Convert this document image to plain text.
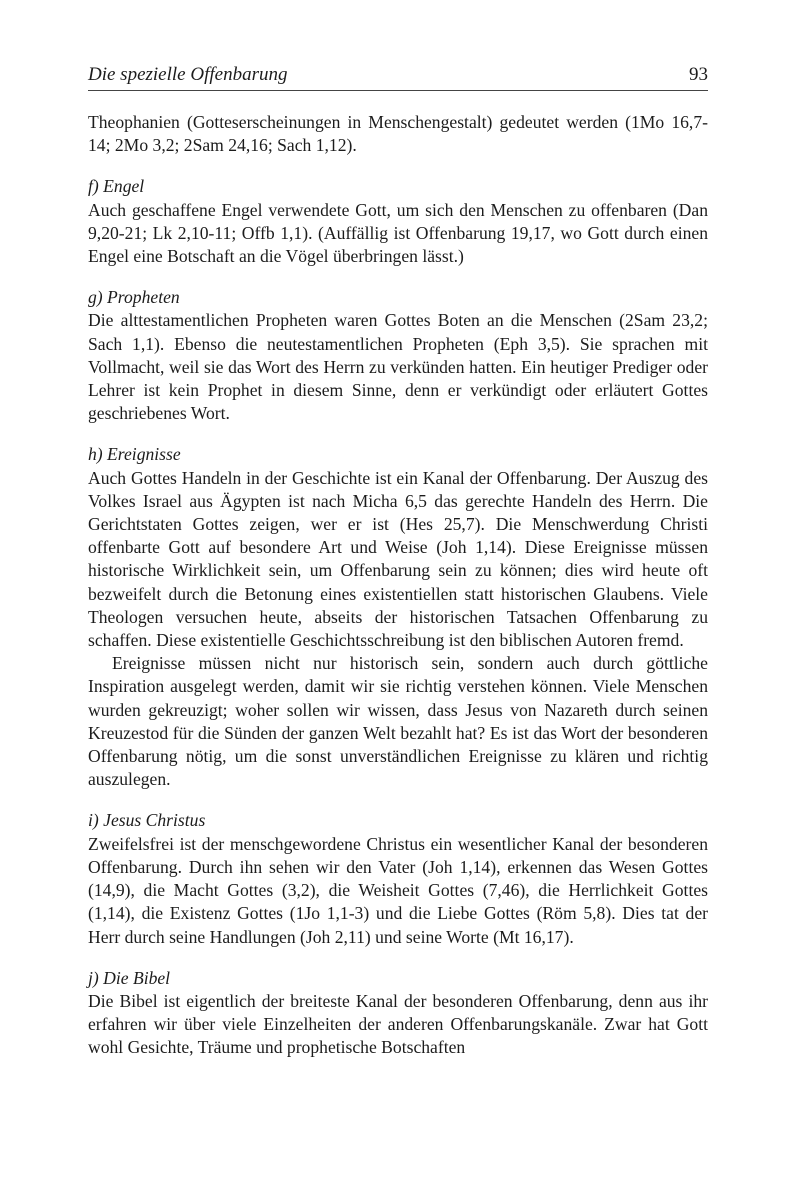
Die spezielle Offenbarung	93

Theophanien (Gotteserscheinungen in Menschengestalt) gedeutet werden (1Mo 16,7-14; 2Mo 3,2; 2Sam 24,16; Sach 1,12).

f) Engel

Auch geschaffene Engel verwendete Gott, um sich den Menschen zu offenbaren (Dan 9,20-21; Lk 2,10-11; Offb 1,1). (Auffällig ist Offenbarung 19,17, wo Gott durch einen Engel eine Botschaft an die Vögel überbringen lässt.)

g) Propheten

Die alttestamentlichen Propheten waren Gottes Boten an die Menschen (2Sam 23,2; Sach 1,1). Ebenso die neutestamentlichen Propheten (Eph 3,5). Sie sprachen mit Vollmacht, weil sie das Wort des Herrn zu verkünden hatten. Ein heutiger Prediger oder Lehrer ist kein Prophet in diesem Sinne, denn er verkündigt oder erläutert Gottes geschriebenes Wort.

h) Ereignisse

Auch Gottes Handeln in der Geschichte ist ein Kanal der Offenbarung. Der Auszug des Volkes Israel aus Ägypten ist nach Micha 6,5 das gerechte Handeln des Herrn. Die Gerichtstaten Gottes zeigen, wer er ist (Hes 25,7). Die Menschwerdung Christi offenbarte Gott auf besondere Art und Weise (Joh 1,14). Diese Ereignisse müssen historische Wirklichkeit sein, um Offenbarung sein zu können; dies wird heute oft bezweifelt durch die Betonung eines existentiellen statt historischen Glaubens. Viele Theologen versuchen heute, abseits der historischen Tatsachen Offenbarung zu schaffen. Diese existentielle Geschichtsschreibung ist den biblischen Autoren fremd.

Ereignisse müssen nicht nur historisch sein, sondern auch durch göttliche Inspiration ausgelegt werden, damit wir sie richtig verstehen können. Viele Menschen wurden gekreuzigt; woher sollen wir wissen, dass Jesus von Nazareth durch seinen Kreuzestod für die Sünden der ganzen Welt bezahlt hat? Es ist das Wort der besonderen Offenbarung nötig, um die sonst unverständlichen Ereignisse zu klären und richtig auszulegen.

i) Jesus Christus

Zweifelsfrei ist der menschgewordene Christus ein wesentlicher Kanal der besonderen Offenbarung. Durch ihn sehen wir den Vater (Joh 1,14), erkennen das Wesen Gottes (14,9), die Macht Gottes (3,2), die Weisheit Gottes (7,46), die Herrlichkeit Gottes (1,14), die Existenz Gottes (1Jo 1,1-3) und die Liebe Gottes (Röm 5,8). Dies tat der Herr durch seine Handlungen (Joh 2,11) und seine Worte (Mt 16,17).

j) Die Bibel

Die Bibel ist eigentlich der breiteste Kanal der besonderen Offenbarung, denn aus ihr erfahren wir über viele Einzelheiten der anderen Offenbarungskanäle. Zwar hat Gott wohl Gesichte, Träume und prophetische Botschaften
